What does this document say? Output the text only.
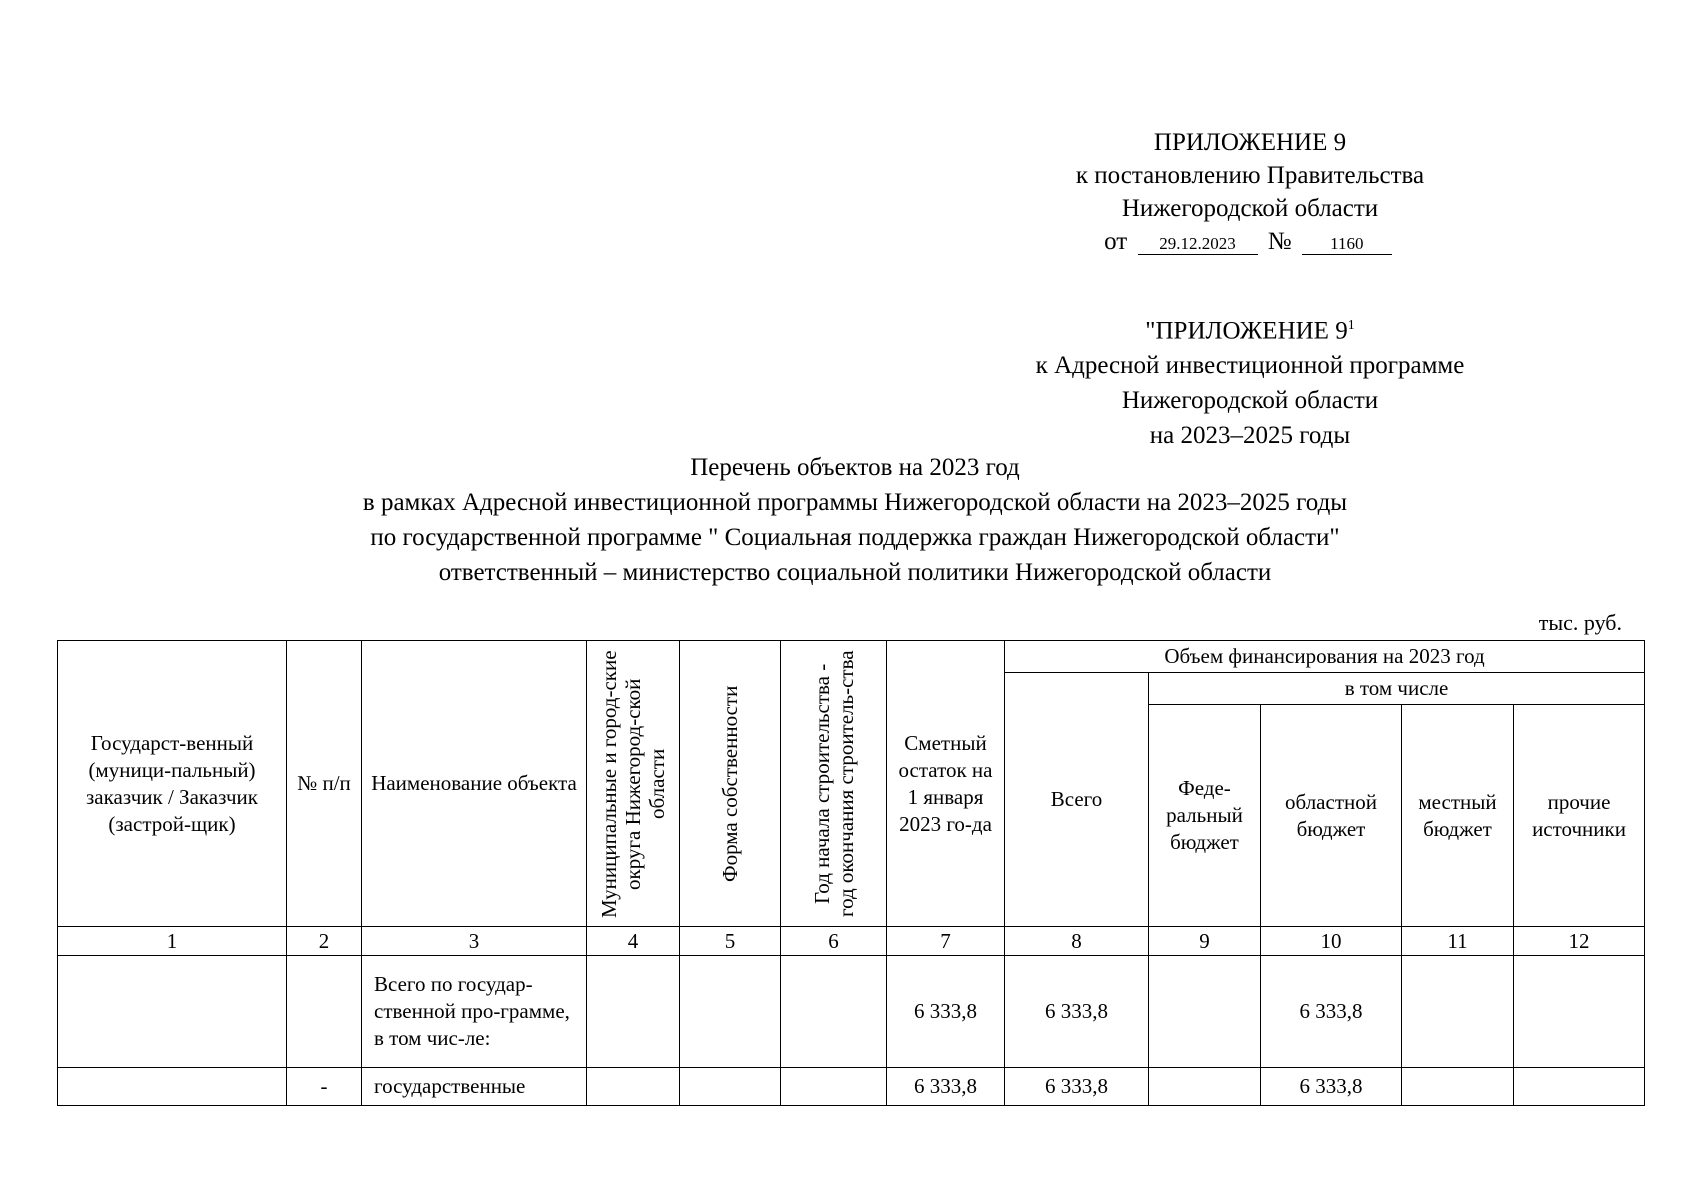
ПРИЛОЖЕНИЕ 9
к постановлению Правительства
Нижегородской области
от 29.12.2023 № 1160
"ПРИЛОЖЕНИЕ $9^1$
к Адресной инвестиционной программе
Нижегородской области
на 2023–2025 годы
Перечень объектов на 2023 год
в рамках Адресной инвестиционной программы Нижегородской области на 2023–2025 годы
по государственной программе " Социальная поддержка граждан Нижегородской области"
ответственный – министерство социальной политики Нижегородской области
тыс. руб.
Государст-венный (муници-пальный) заказчик / Заказчик (застрой-щик)	№ п/п	Наименование объекта	Муниципальные и город-ские округа Нижегород-ской области	Форма собственности	Год начала строительства - год окончания строитель-ства	Сметный остаток на 1 января 2023 го-да	Объем финансирования на 2023 год				
							Всего	в том числе			
								Феде-ральный бюджет	областной бюджет	местный бюджет	прочие источники
1	2	3	4	5	6	7	8	9	10	11	12
		Всего по государ-ственной про-грамме, в том чис-ле:				6 333,8	6 333,8		6 333,8		
	-	государственные				6 333,8	6 333,8		6 333,8		
